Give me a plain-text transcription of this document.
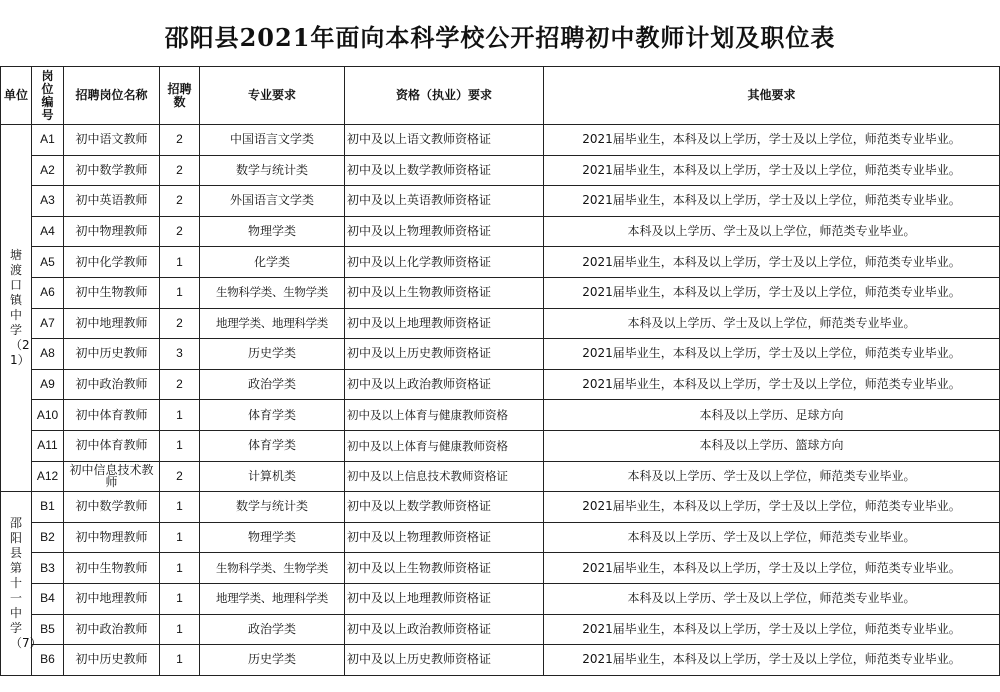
邵阳县2021年面向本科学校公开招聘初中教师计划及职位表
单位	岗位编号	招聘岗位名称	招聘数	专业要求	资格（执业）要求	其他要求

塘渡口镇中学（21）	A1	初中语文教师	2	中国语言文学类	初中及以上语文教师资格证	2021届毕业生，本科及以上学历，学士及以上学位，师范类专业毕业。
	A2	初中数学教师	2	数学与统计类	初中及以上数学教师资格证	2021届毕业生，本科及以上学历，学士及以上学位，师范类专业毕业。
	A3	初中英语教师	2	外国语言文学类	初中及以上英语教师资格证	2021届毕业生，本科及以上学历，学士及以上学位，师范类专业毕业。
	A4	初中物理教师	2	物理学类	初中及以上物理教师资格证	本科及以上学历、学士及以上学位，师范类专业毕业。
	A5	初中化学教师	1	化学类	初中及以上化学教师资格证	2021届毕业生，本科及以上学历，学士及以上学位，师范类专业毕业。
	A6	初中生物教师	1	生物科学类、生物学类	初中及以上生物教师资格证	2021届毕业生，本科及以上学历，学士及以上学位，师范类专业毕业。
	A7	初中地理教师	2	地理学类、地理科学类	初中及以上地理教师资格证	本科及以上学历、学士及以上学位，师范类专业毕业。
	A8	初中历史教师	3	历史学类	初中及以上历史教师资格证	2021届毕业生，本科及以上学历，学士及以上学位，师范类专业毕业。
	A9	初中政治教师	2	政治学类	初中及以上政治教师资格证	2021届毕业生，本科及以上学历，学士及以上学位，师范类专业毕业。
	A10	初中体育教师	1	体育学类	初中及以上体育与健康教师资格	本科及以上学历、足球方向
	A11	初中体育教师	1	体育学类	初中及以上体育与健康教师资格	本科及以上学历、篮球方向
	A12	初中信息技术教师	2	计算机类	初中及以上信息技术教师资格证	本科及以上学历、学士及以上学位，师范类专业毕业。

邵阳县第十一中学（7）	B1	初中数学教师	1	数学与统计类	初中及以上数学教师资格证	2021届毕业生，本科及以上学历，学士及以上学位，师范类专业毕业。
	B2	初中物理教师	1	物理学类	初中及以上物理教师资格证	本科及以上学历、学士及以上学位，师范类专业毕业。
	B3	初中生物教师	1	生物科学类、生物学类	初中及以上生物教师资格证	2021届毕业生，本科及以上学历，学士及以上学位，师范类专业毕业。
	B4	初中地理教师	1	地理学类、地理科学类	初中及以上地理教师资格证	本科及以上学历、学士及以上学位，师范类专业毕业。
	B5	初中政治教师	1	政治学类	初中及以上政治教师资格证	2021届毕业生，本科及以上学历，学士及以上学位，师范类专业毕业。
	B6	初中历史教师	1	历史学类	初中及以上历史教师资格证	2021届毕业生，本科及以上学历，学士及以上学位，师范类专业毕业。
